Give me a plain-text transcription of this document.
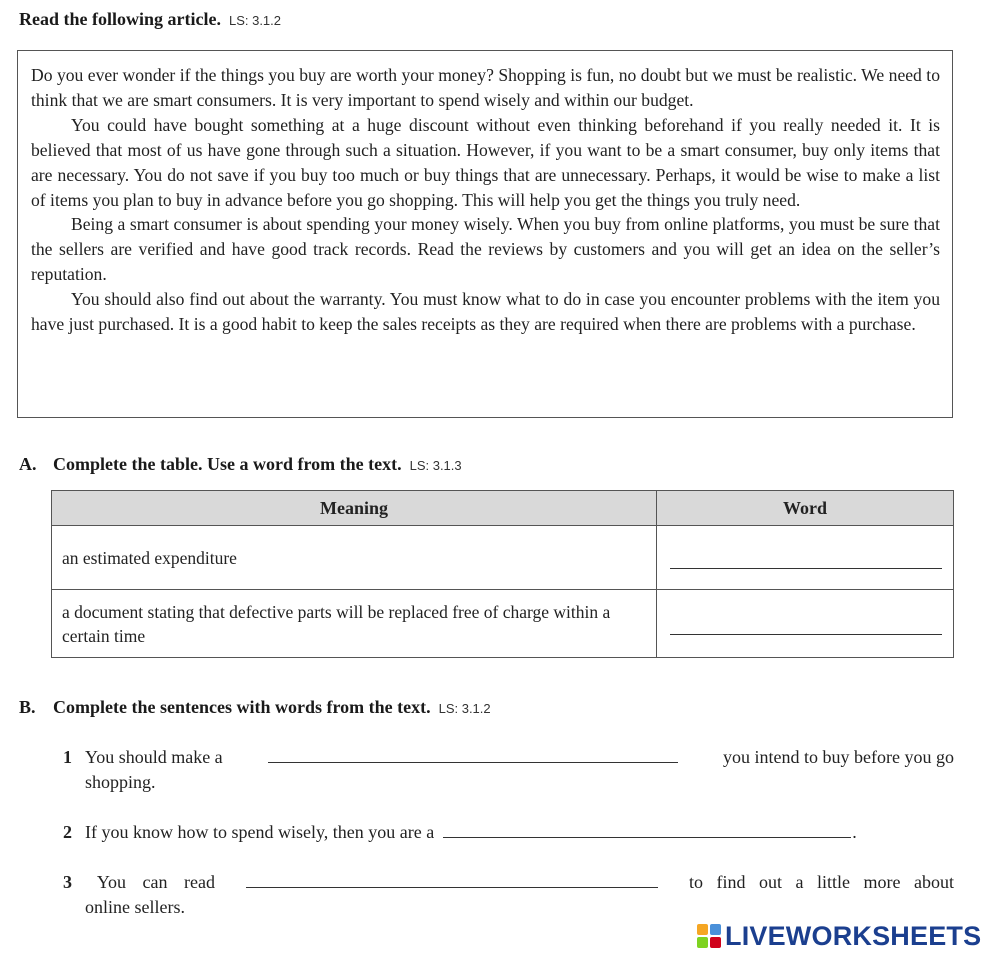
Read the following article. LS: 3.1.2

Do you ever wonder if the things you buy are worth your money? Shopping is fun, no doubt but we must be realistic. We need to think that we are smart consumers. It is very important to spend wisely and within our budget.

You could have bought something at a huge discount without even thinking beforehand if you really needed it. It is believed that most of us have gone through such a situation. However, if you want to be a smart consumer, buy only items that are necessary. You do not save if you buy too much or buy things that are unnecessary. Perhaps, it would be wise to make a list of items you plan to buy in advance before you go shopping. This will help you get the things you truly need.

Being a smart consumer is about spending your money wisely. When you buy from online platforms, you must be sure that the sellers are verified and have good track records. Read the reviews by customers and you will get an idea on the seller’s reputation.

You should also find out about the warranty. You must know what to do in case you encounter problems with the item you have just purchased. It is a good habit to keep the sales receipts as they are required when there are problems with a purchase.

A. Complete the table. Use a word from the text. LS: 3.1.3
Meaning	Word
an estimated expenditure	

a document stating that defective parts will be replaced free of charge within a certain time	
B. Complete the sentences with words from the text. LS: 3.1.2
1 You should make a	you intend to buy before you go
shopping.
2 If you know how to spend wisely, then you are a	.
3	You can read	to find out a little more about
online sellers.
LIVEWORKSHEETS
